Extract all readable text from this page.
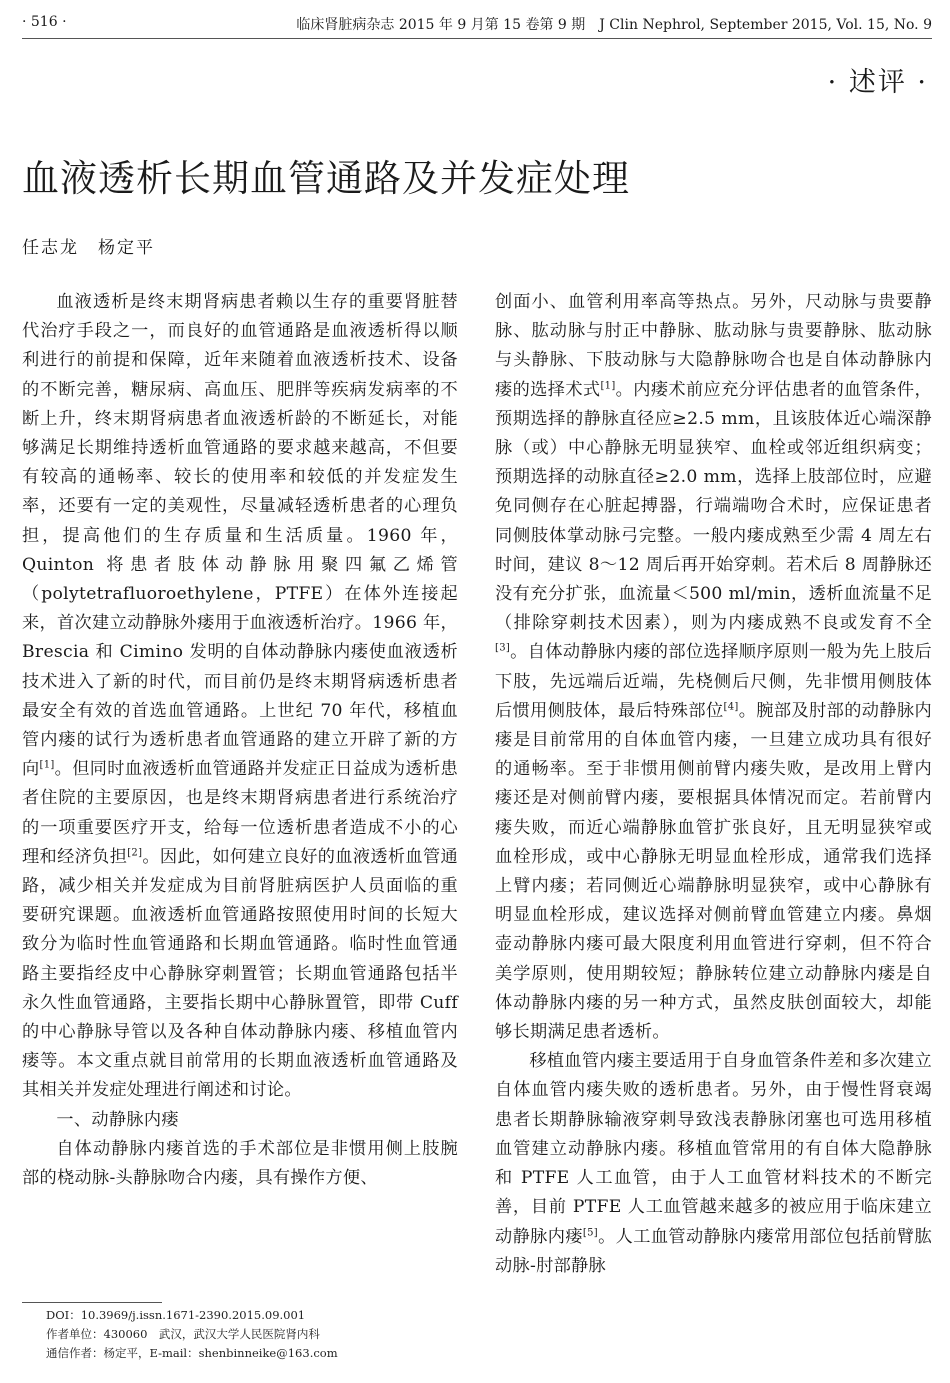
· 516 ·	临床肾脏病杂志 2015 年 9 月第 15 卷第 9 期　J Clin Nephrol, September 2015, Vol. 15, No. 9
· 述评 ·
血液透析长期血管通路及并发症处理
任志龙　杨定平

血液透析是终末期肾病患者赖以生存的重要肾脏替代治疗手段之一，而良好的血管通路是血液透析得以顺利进行的前提和保障，近年来随着血液透析技术、设备的不断完善，糖尿病、高血压、肥胖等疾病发病率的不断上升，终末期肾病患者血液透析龄的不断延长，对能够满足长期维持透析血管通路的要求越来越高，不但要有较高的通畅率、较长的使用率和较低的并发症发生率，还要有一定的美观性，尽量减轻透析患者的心理负担，提高他们的生存质量和生活质量。1960 年，Quinton 将患者肢体动静脉用聚四氟乙烯管（polytetrafluoroethylene，PTFE）在体外连接起来，首次建立动静脉外瘘用于血液透析治疗。1966 年，Brescia 和 Cimino 发明的自体动静脉内瘘使血液透析技术进入了新的时代，而目前仍是终末期肾病透析患者最安全有效的首选血管通路。上世纪 70 年代，移植血管内瘘的试行为透析患者血管通路的建立开辟了新的方向[1]。但同时血液透析血管通路并发症正日益成为透析患者住院的主要原因，也是终末期肾病患者进行系统治疗的一项重要医疗开支，给每一位透析患者造成不小的心理和经济负担[2]。因此，如何建立良好的血液透析血管通路，减少相关并发症成为目前肾脏病医护人员面临的重要研究课题。血液透析血管通路按照使用时间的长短大致分为临时性血管通路和长期血管通路。临时性血管通路主要指经皮中心静脉穿刺置管；长期血管通路包括半永久性血管通路，主要指长期中心静脉置管，即带 Cuff 的中心静脉导管以及各种自体动静脉内瘘、移植血管内瘘等。本文重点就目前常用的长期血液透析血管通路及其相关并发症处理进行阐述和讨论。

一、动静脉内瘘

自体动静脉内瘘首选的手术部位是非惯用侧上肢腕部的桡动脉-头静脉吻合内瘘，具有操作方便、

创面小、血管利用率高等热点。另外，尺动脉与贵要静脉、肱动脉与肘正中静脉、肱动脉与贵要静脉、肱动脉与头静脉、下肢动脉与大隐静脉吻合也是自体动静脉内瘘的选择术式[1]。内瘘术前应充分评估患者的血管条件，预期选择的静脉直径应≥2.5 mm，且该肢体近心端深静脉（或）中心静脉无明显狭窄、血栓或邻近组织病变；预期选择的动脉直径≥2.0 mm，选择上肢部位时，应避免同侧存在心脏起搏器，行端端吻合术时，应保证患者同侧肢体掌动脉弓完整。一般内瘘成熟至少需 4 周左右时间，建议 8～12 周后再开始穿刺。若术后 8 周静脉还没有充分扩张，血流量＜500 ml/min，透析血流量不足（排除穿刺技术因素），则为内瘘成熟不良或发育不全[3]。自体动静脉内瘘的部位选择顺序原则一般为先上肢后下肢，先远端后近端，先桡侧后尺侧，先非惯用侧肢体后惯用侧肢体，最后特殊部位[4]。腕部及肘部的动静脉内瘘是目前常用的自体血管内瘘，一旦建立成功具有很好的通畅率。至于非惯用侧前臂内瘘失败，是改用上臂内瘘还是对侧前臂内瘘，要根据具体情况而定。若前臂内瘘失败，而近心端静脉血管扩张良好，且无明显狭窄或血栓形成，或中心静脉无明显血栓形成，通常我们选择上臂内瘘；若同侧近心端静脉明显狭窄，或中心静脉有明显血栓形成，建议选择对侧前臂血管建立内瘘。鼻烟壶动静脉内瘘可最大限度利用血管进行穿刺，但不符合美学原则，使用期较短；静脉转位建立动静脉内瘘是自体动静脉内瘘的另一种方式，虽然皮肤创面较大，却能够长期满足患者透析。

移植血管内瘘主要适用于自身血管条件差和多次建立自体血管内瘘失败的透析患者。另外，由于慢性肾衰竭患者长期静脉输液穿刺导致浅表静脉闭塞也可选用移植血管建立动静脉内瘘。移植血管常用的有自体大隐静脉和 PTFE 人工血管，由于人工血管材料技术的不断完善，目前 PTFE 人工血管越来越多的被应用于临床建立动静脉内瘘[5]。人工血管动静脉内瘘常用部位包括前臂肱动脉-肘部静脉

DOI：10.3969/j.issn.1671-2390.2015.09.001
作者单位：430060　武汉，武汉大学人民医院肾内科
通信作者：杨定平，E-mail：shenbinneike@163.com
